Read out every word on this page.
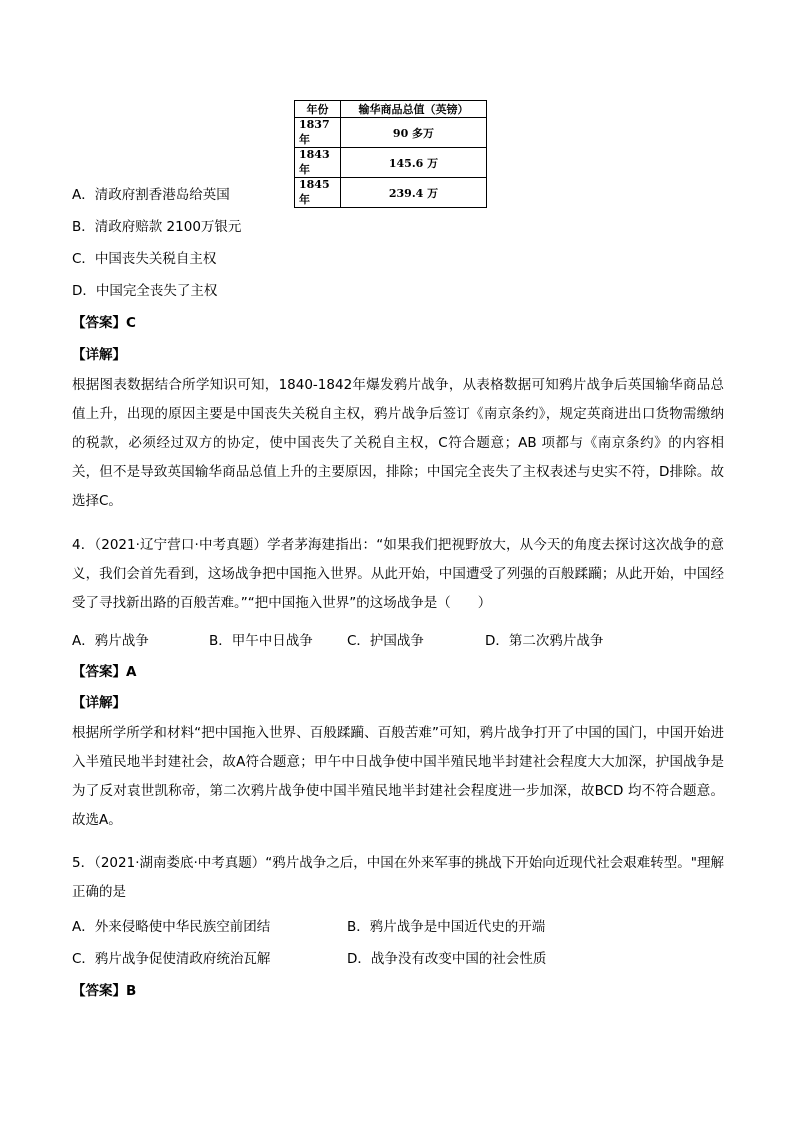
年份	输华商品总值（英镑）
1837 年	90 多万
1843 年	145.6 万
1845 年	239.4 万
A．清政府割香港岛给英国
B．清政府赔款 2100万银元
C．中国丧失关税自主权
D．中国完全丧失了主权
【答案】C
【详解】
根据图表数据结合所学知识可知，1840-1842年爆发鸦片战争，从表格数据可知鸦片战争后英国输华商品总值上升，出现的原因主要是中国丧失关税自主权，鸦片战争后签订《南京条约》，规定英商进出口货物需缴纳的税款，必须经过双方的协定，使中国丧失了关税自主权，C符合题意；AB 项都与《南京条约》的内容相关，但不是导致英国输华商品总值上升的主要原因，排除；中国完全丧失了主权表述与史实不符，D排除。故选择C。
4．（2021·辽宁营口·中考真题）学者茅海建指出：“如果我们把视野放大，从今天的角度去探讨这次战争的意义，我们会首先看到，这场战争把中国拖入世界。从此开始，中国遭受了列强的百般蹂躏；从此开始，中国经受了寻找新出路的百般苦难。”“把中国拖入世界”的这场战争是（　　）
A．鸦片战争	B．甲午中日战争	C．护国战争	D．第二次鸦片战争
【答案】A
【详解】
根据所学所学和材料“把中国拖入世界、百般蹂躏、百般苦难”可知，鸦片战争打开了中国的国门，中国开始进入半殖民地半封建社会，故A符合题意；甲午中日战争使中国半殖民地半封建社会程度大大加深，护国战争是为了反对袁世凯称帝，第二次鸦片战争使中国半殖民地半封建社会程度进一步加深，故BCD 均不符合题意。故选A。
5．（2021·湖南娄底·中考真题）“鸦片战争之后，中国在外来军事的挑战下开始向近现代社会艰难转型。"理解正确的是
A．外来侵略使中华民族空前团结	B．鸦片战争是中国近代史的开端
C．鸦片战争促使清政府统治瓦解	D．战争没有改变中国的社会性质
【答案】B
